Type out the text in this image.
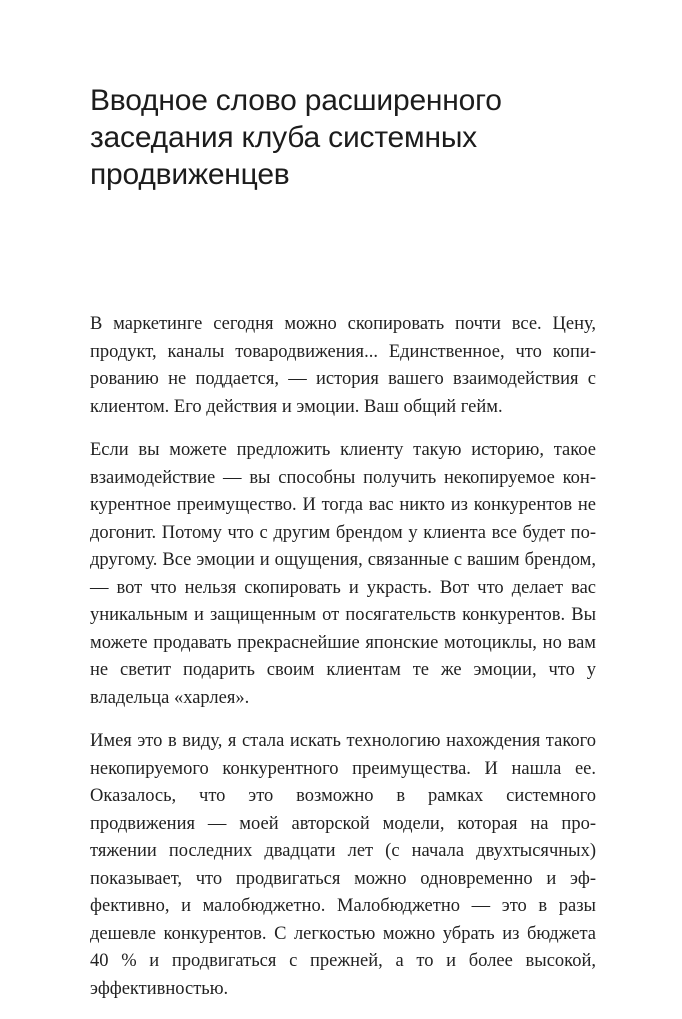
Вводное слово расширенного заседания клуба системных продвиженцев

В маркетинге сегодня можно скопировать почти все. Цену, продукт, каналы товародвижения... Единственное, что копированию не поддается, — история вашего взаимодействия с клиентом. Его действия и эмоции. Ваш общий гейм.

Если вы можете предложить клиенту такую историю, такое взаимодействие — вы способны получить некопируемое конкурентное преимущество. И тогда вас никто из конкурентов не догонит. Потому что с другим брендом у клиента все будет по-другому. Все эмоции и ощущения, связанные с вашим брендом, — вот что нельзя скопировать и украсть. Вот что делает вас уникальным и защищенным от посягательств конкурентов. Вы можете продавать прекраснейшие японские мотоциклы, но вам не светит подарить своим клиентам те же эмоции, что у владельца «харлея».

Имея это в виду, я стала искать технологию нахождения такого некопируемого конкурентного преимущества. И нашла ее. Оказалось, что это возможно в рамках системного продвижения — моей авторской модели, которая на протяжении последних двадцати лет (с начала двухтысячных) показывает, что продвигаться можно одновременно и эффективно, и малобюджетно. Малобюджетно — это в разы дешевле конкурентов. С легкостью можно убрать из бюджета 40 % и продвигаться с прежней, а то и более высокой, эффективностью.
